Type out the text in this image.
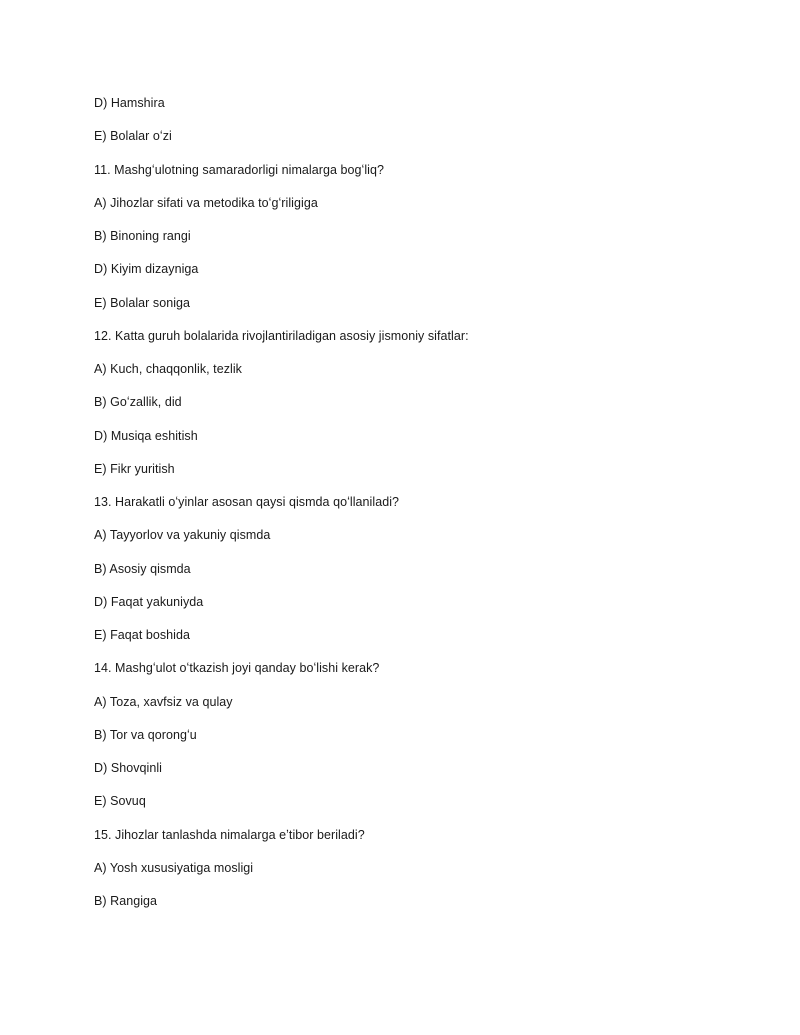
D) Hamshira
E) Bolalar oʻzi
11. Mashgʻulotning samaradorligi nimalarga bogʻliq?
A) Jihozlar sifati va metodika toʻgʻriligiga
B) Binoning rangi
D) Kiyim dizayniga
E) Bolalar soniga
12. Katta guruh bolalarida rivojlantiriladigan asosiy jismoniy sifatlar:
A) Kuch, chaqqonlik, tezlik
B) Goʻzallik, did
D) Musiqa eshitish
E) Fikr yuritish
13. Harakatli oʻyinlar asosan qaysi qismda qoʻllaniladi?
A) Tayyorlov va yakuniy qismda
B) Asosiy qismda
D) Faqat yakuniyda
E) Faqat boshida
14. Mashgʻulot oʻtkazish joyi qanday boʻlishi kerak?
A) Toza, xavfsiz va qulay
B) Tor va qorongʻu
D) Shovqinli
E) Sovuq
15. Jihozlar tanlashda nimalarga eʼtibor beriladi?
A) Yosh xususiyatiga mosligi
B) Rangiga
